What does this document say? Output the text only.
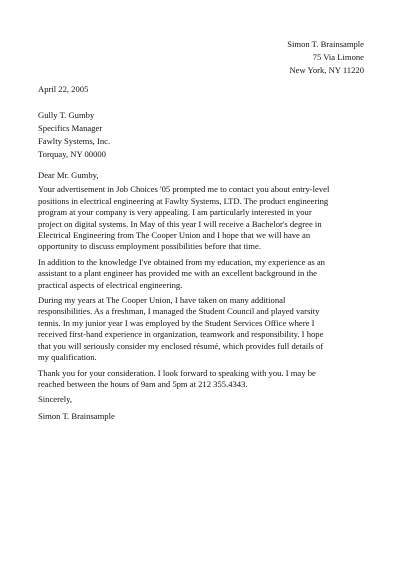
Simon T. Brainsample
75 Via Limone
New York, NY 11220
April 22, 2005
Gully T. Gumby
Specifics Manager
Fawlty Systems, Inc.
Torquay, NY 00000
Dear Mr. Gumby,
Your advertisement in Job Choices '05 prompted me to contact you about entry-level
positions in electrical engineering at Fawlty Systems, LTD. The product engineering
program at your company is very appealing. I am particularly interested in your
project on digital systems. In May of this year I will receive a Bachelor's degree in
Electrical Engineering from The Cooper Union and I hope that we will have an
opportunity to discuss employment possibilities before that time.
In addition to the knowledge I've obtained from my education, my experience as an
assistant to a plant engineer has provided me with an excellent background in the
practical aspects of electrical engineering.
During my years at The Cooper Union, I have taken on many additional
responsibilities. As a freshman, I managed the Student Council and played varsity
tennis. In my junior year I was employed by the Student Services Office where I
received first-hand experience in organization, teamwork and responsibility. I hope
that you will seriously consider my enclosed résumé, which provides full details of
my qualification.
Thank you for your consideration. I look forward to speaking with you. I may be
reached between the hours of 9am and 5pm at 212 355.4343.
Sincerely,
Simon T. Brainsample
